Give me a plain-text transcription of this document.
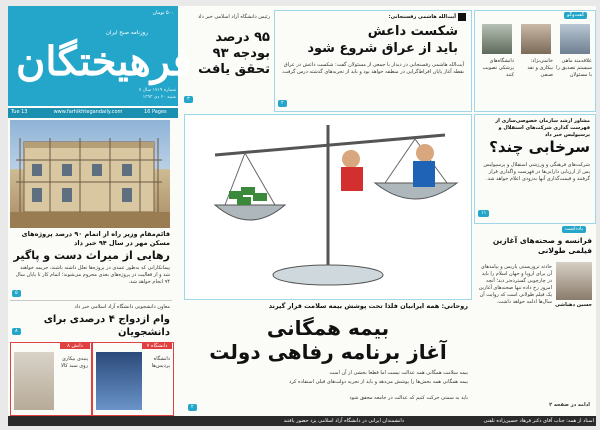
۵۰۰ تومان
روزنامه صبح ایران
فرهیختگان
شماره ۱۷۱۹ سال ۷
شنبه ۲۰ دی ۱۳۹۳
Tue 13	www.farhikhtegandaily.com	16 Pages
قائم‌مقام وزیر راه از اتمام ۹۰ درصد پروژه‌های مسکن مهر در سال ۹۴ خبر داد
رهایی از میراث دست و پاگیر
پیمانکارانی که به‌طور عمدی در پروژه‌ها تعلل داشته باشند، جریمه خواهند شد و از فعالیت در پروژه‌های بعدی محروم می‌شوند؛ اتمام کار تا پایان سال ۹۴ انجام خواهد شد.
۵
معاون دانشجویی دانشگاه آزاد اسلامی خبر داد
وام ازدواج ۴ درصدی برای دانشجویان
۸
۸ دانش	۷ دانشگاه
پنبه‌ی بیکاری روی سبد کالا
دانشگاه پردیس‌ها
رئیس دانشگاه آزاد اسلامی خبر داد
۹۵ درصد
بودجه ۹۳
تحقق یافت
۳
آیت‌الله هاشمی رفسنجانی:
شکست داعش
باید از عراق شروع شود
آیت‌الله هاشمی رفسنجانی در دیدار با جمعی از مسئولان گفت: شکست داعش در عراق نقطه آغاز پایان افراط‌گرایی در منطقه خواهد بود و باید از تجربه‌های گذشته درس گرفت.
۲
گفت‌وگو
علاقه‌مند ماهی سیستم تصدیق را با مسئولان
خاتمی‌نژاد: بیکاری و تقد صنفی
دانشگاه‌های پزشکی تصویب کنند
روحانی: همه ایرانیان فلذا تحت پوشش بیمه سلامت قرار گیرند
بیمه همگانی
آغاز برنامه رفاهی دولت
بیمه سلامت همگانی همه عدالت نیست اما قطعا بخشی از آن است
بیمه همگانی همه بخش‌ها را پوشش می‌دهد و باید از تجربه دولت‌های قبلی استفاده کرد
باید به سمتی حرکت کنیم که عدالت در جامعه محقق شود
۲
مشاور ارشد سازمان خصوصی‌سازی از فهرست گذاری شرکت‌های استقلال و پرسپولیس خبر داد
سرخابی چند؟
شرکت‌های فرهنگی و ورزشی استقلال و پرسپولیس پس از ارزیابی دارایی‌ها در فهرست واگذاری قرار گرفتند و قیمت‌گذاری آنها به‌زودی اعلام خواهد شد.
۱۱
یادداشت
فرانسه و صحنه‌های آغازین فیلمی طولانی
حسین دهباشی
حادثه تروریستی پاریس و پیامدهای آن برای اروپا و جهان اسلام را باید در چارچوبی گسترده‌تر دید؛ آنچه امروز رخ داده تنها صحنه‌های آغازین یک فیلم طولانی است که روایت آن سال‌ها ادامه خواهد داشت.
ادامه در صفحه ۲
اسناد از همه: جناب آقای دکتر فرهاد حسین‌زاده تلفنی
دانشمندان ایرانی در دانشگاه آزاد اسلامی یزد حضور یافتند
